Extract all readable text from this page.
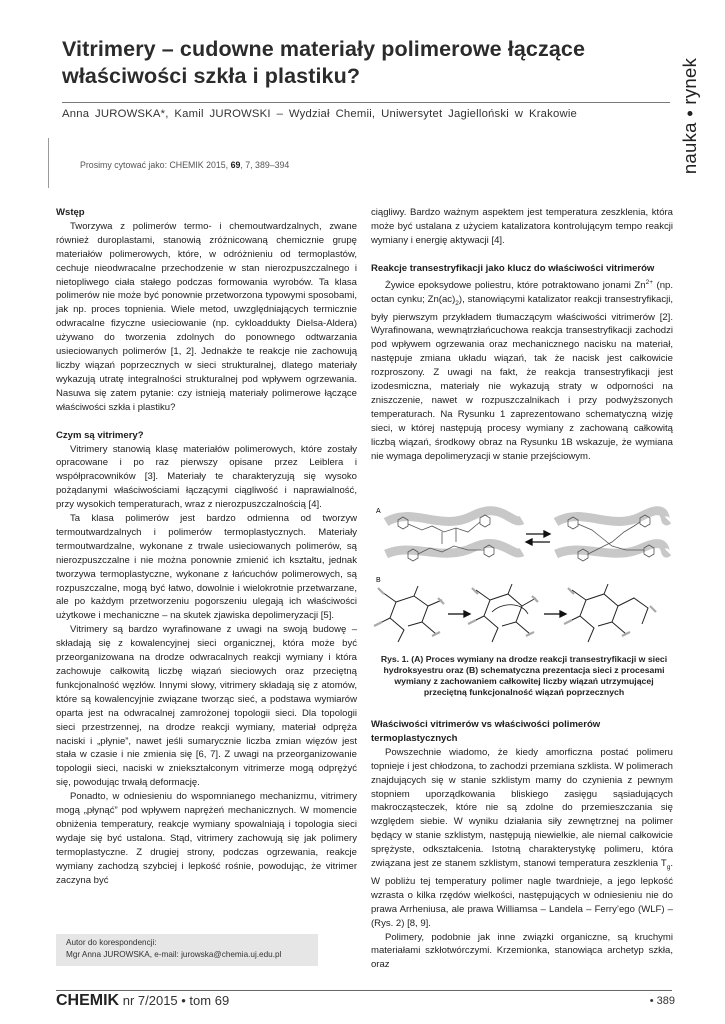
Vitrimery – cudowne materiały polimerowe łączące właściwości szkła i plastiku?	nauka • rynek
Anna JUROWSKA*, Kamil JUROWSKI – Wydział Chemii, Uniwersytet Jagielloński w Krakowie
Prosimy cytować jako: CHEMIK 2015, 69, 7, 389–394
Wstęp

Tworzywa z polimerów termo- i chemoutwardzalnych, zwane również duroplastami, stanowią zróżnicowaną chemicznie grupę materiałów polimerowych, które, w odróżnieniu od termoplastów, cechuje nieodwracalne przechodzenie w stan nierozpuszczalnego i nietopliwego ciała stałego podczas formowania wyrobów. Ta klasa polimerów nie może być ponownie przetworzona typowymi sposobami, jak np. proces topnienia. Wiele metod, uwzględniających termicznie odwracalne fizyczne usieciowanie (np. cykloaddukty Dielsa-Aldera) używano do tworzenia zdolnych do ponownego odtwarzania usieciowanych polimerów [1, 2]. Jednakże te reakcje nie zachowują liczby wiązań poprzecznych w sieci strukturalnej, dlatego materiały wykazują utratę integralności strukturalnej pod wpływem ogrzewania. Nasuwa się zatem pytanie: czy istnieją materiały polimerowe łączące właściwości szkła i plastiku?

Czym są vitrimery?

Vitrimery stanowią klasę materiałów polimerowych, które zostały opracowane i po raz pierwszy opisane przez Leiblera i współpracowników [3]. Materiały te charakteryzują się wysoko pożądanymi właściwościami łączącymi ciągliwość i naprawialność, przy wysokich temperaturach, wraz z nierozpuszczalnością [4].

Ta klasa polimerów jest bardzo odmienna od tworzyw termoutwardzalnych i polimerów termoplastycznych. Materiały termoutwardzalne, wykonane z trwale usieciowanych polimerów, są nierozpuszczalne i nie można ponownie zmienić ich kształtu, jednak tworzywa termoplastyczne, wykonane z łańcuchów polimerowych, są rozpuszczalne, mogą być łatwo, dowolnie i wielokrotnie przetwarzane, ale po każdym przetworzeniu pogorszeniu ulegają ich właściwości użytkowe i mechaniczne – na skutek zjawiska depolimeryzacji [5].

Vitrimery są bardzo wyrafinowane z uwagi na swoją budowę – składają się z kowalencyjnej sieci organicznej, która może być przeorganizowana na drodze odwracalnych reakcji wymiany i która zachowuje całkowitą liczbę wiązań sieciowych oraz przeciętną funkcjonalność węzłów. Innymi słowy, vitrimery składają się z atomów, które są kowalencyjnie związane tworząc sieć, a podstawa wymiarów oparta jest na odwracalnej zamrożonej topologii sieci. Dla topologii sieci przestrzennej, na drodze reakcji wymiany, materiał odpręża naciski i „płynie”, nawet jeśli sumarycznie liczba zmian więzów jest stała w czasie i nie zmienia się [6, 7]. Z uwagi na przeorganizowanie topologii sieci, naciski w zniekształconym vitrimerze mogą odprężyć się, powodując trwałą deformację.

Ponadto, w odniesieniu do wspomnianego mechanizmu, vitrimery mogą „płynąć” pod wpływem naprężeń mechanicznych. W momencie obniżenia temperatury, reakcje wymiany spowalniają i topologia sieci wydaje się być ustalona. Stąd, vitrimery zachowują się jak polimery termoplastyczne. Z drugiej strony, podczas ogrzewania, reakcje wymiany zachodzą szybciej i lepkość rośnie, powodując, że vitrimer zaczyna być

ciągliwy. Bardzo ważnym aspektem jest temperatura zeszklenia, która może być ustalana z użyciem katalizatora kontrolującym tempo reakcji wymiany i energię aktywacji [4].

Reakcje transestryfikacji jako klucz do właściwości vitrimerów

Żywice epoksydowe poliestru, które potraktowano jonami $Zn^{2+}$ (np. octan cynku; $Zn(ac)_2$), stanowiącymi katalizator reakcji transestryfikacji, były pierwszym przykładem tłumaczącym właściwości vitrimerów [2]. Wyrafinowana, wewnątrzłańcuchowa reakcja transestryfikacji zachodzi pod wpływem ogrzewania oraz mechanicznego nacisku na materiał, następuje zmiana układu wiązań, tak że nacisk jest całkowicie rozproszony. Z uwagi na fakt, że reakcja transestryfikacji jest izodesmiczna, materiały nie wykazują straty w odporności na zniszczenie, nawet w rozpuszczalnikach i przy podwyższonych temperaturach. Na Rysunku 1 zaprezentowano schematyczną wizję sieci, w której następują procesy wymiany z zachowaną całkowitą liczbą wiązań, środkowy obraz na Rysunku 1B wskazuje, że wymiana nie wymaga depolimeryzacji w stanie przejściowym.

A
B
Rys. 1. (A) Proces wymiany na drodze reakcji transestryfikacji w sieci hydroksyestru oraz (B) schematyczna prezentacja sieci z procesami wymiany z zachowaniem całkowitej liczby wiązań utrzymującej przeciętną funkcjonalność wiązań poprzecznych
Właściwości vitrimerów vs właściwości polimerów termoplastycznych

Powszechnie wiadomo, że kiedy amorficzna postać polimeru topnieje i jest chłodzona, to zachodzi przemiana szklista. W polimerach znajdujących się w stanie szklistym mamy do czynienia z pewnym stopniem uporządkowania bliskiego zasięgu sąsiadujących makrocząsteczek, które nie są zdolne do przemieszczania się względem siebie. W wyniku działania siły zewnętrznej na polimer będący w stanie szklistym, następują niewielkie, ale niemal całkowicie sprężyste, odkształcenia. Istotną charakterystykę polimeru, która związana jest ze stanem szklistym, stanowi temperatura zeszklenia $T_g$. W pobliżu tej temperatury polimer nagle twardnieje, a jego lepkość wzrasta o kilka rzędów wielkości, następujących w odniesieniu nie do prawa Arrheniusa, ale prawa Williamsa – Landela – Ferry’ego (WLF) – (Rys. 2) [8, 9].

Polimery, podobnie jak inne związki organiczne, są kruchymi materiałami szkłotwórczymi. Krzemionka, stanowiąca archetyp szkła, oraz

Autor do korespondencji:
Mgr Anna JUROWSKA, e-mail: jurowska@chemia.uj.edu.pl
CHEMIK nr 7/2015 • tom 69	• 389
